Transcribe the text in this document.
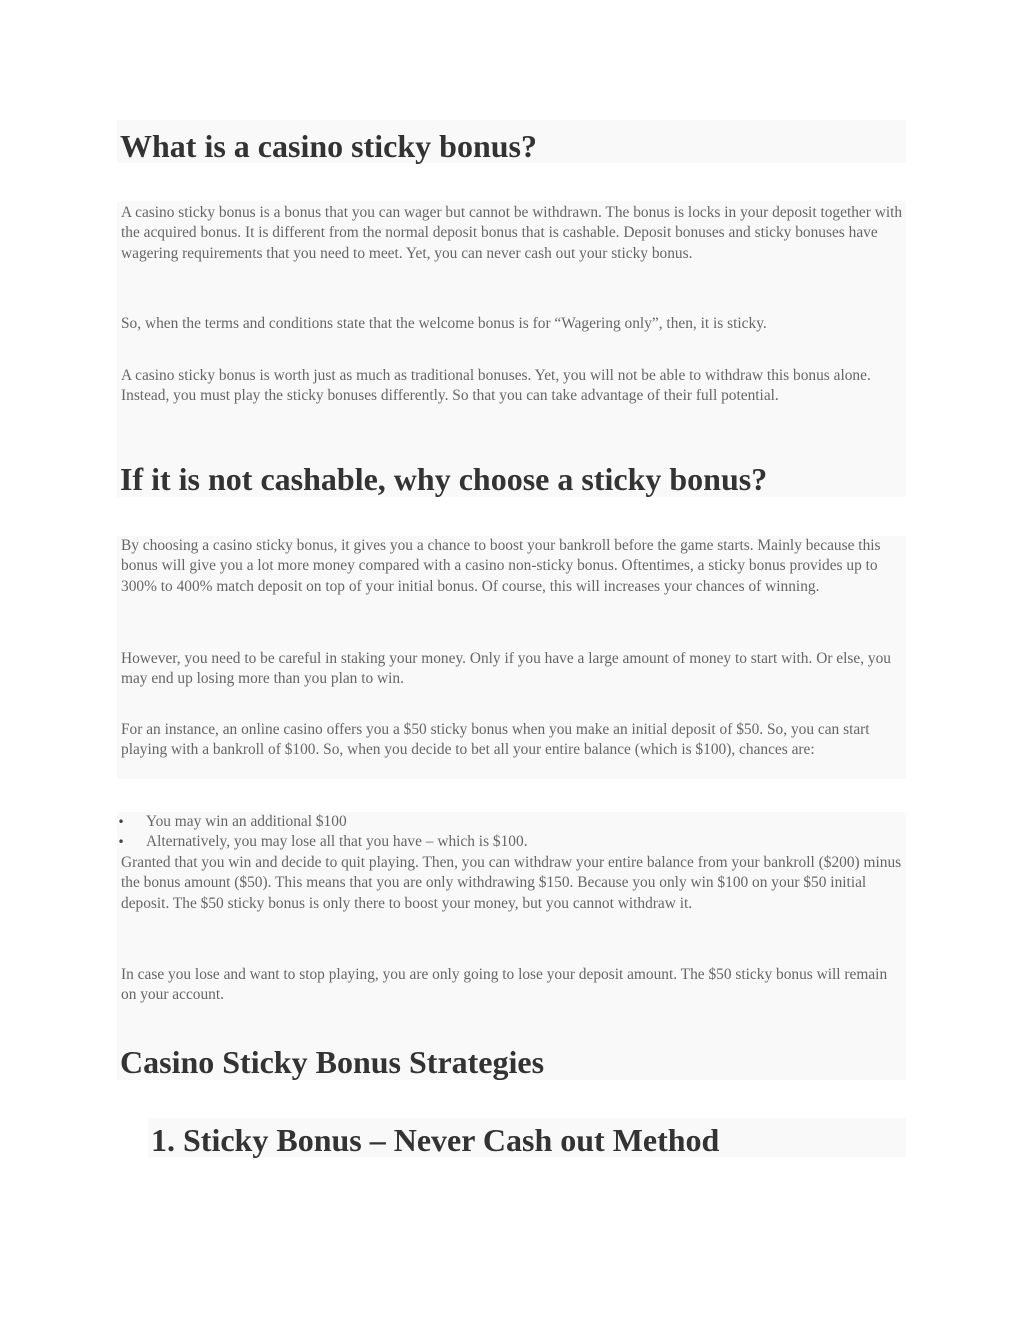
What is a casino sticky bonus?

A casino sticky bonus is a bonus that you can wager but cannot be withdrawn. The bonus is locks in your deposit together with the acquired bonus. It is different from the normal deposit bonus that is cashable. Deposit bonuses and sticky bonuses have wagering requirements that you need to meet. Yet, you can never cash out your sticky bonus.

So, when the terms and conditions state that the welcome bonus is for “Wagering only”, then, it is sticky.

A casino sticky bonus is worth just as much as traditional bonuses. Yet, you will not be able to withdraw this bonus alone. Instead, you must play the sticky bonuses differently. So that you can take advantage of their full potential.

If it is not cashable, why choose a sticky bonus?

By choosing a casino sticky bonus, it gives you a chance to boost your bankroll before the game starts. Mainly because this bonus will give you a lot more money compared with a casino non-sticky bonus. Oftentimes, a sticky bonus provides up to 300% to 400% match deposit on top of your initial bonus. Of course, this will increases your chances of winning.

However, you need to be careful in staking your money. Only if you have a large amount of money to start with. Or else, you may end up losing more than you plan to win.

For an instance, an online casino offers you a $50 sticky bonus when you make an initial deposit of $50. So, you can start playing with a bankroll of $100. So, when you decide to bet all your entire balance (which is $100), chances are:

• You may win an additional $100
• Alternatively, you may lose all that you have – which is $100.

Granted that you win and decide to quit playing. Then, you can withdraw your entire balance from your bankroll ($200) minus the bonus amount ($50). This means that you are only withdrawing $150. Because you only win $100 on your $50 initial deposit. The $50 sticky bonus is only there to boost your money, but you cannot withdraw it.

In case you lose and want to stop playing, you are only going to lose your deposit amount. The $50 sticky bonus will remain on your account.

Casino Sticky Bonus Strategies
1. Sticky Bonus – Never Cash out Method
